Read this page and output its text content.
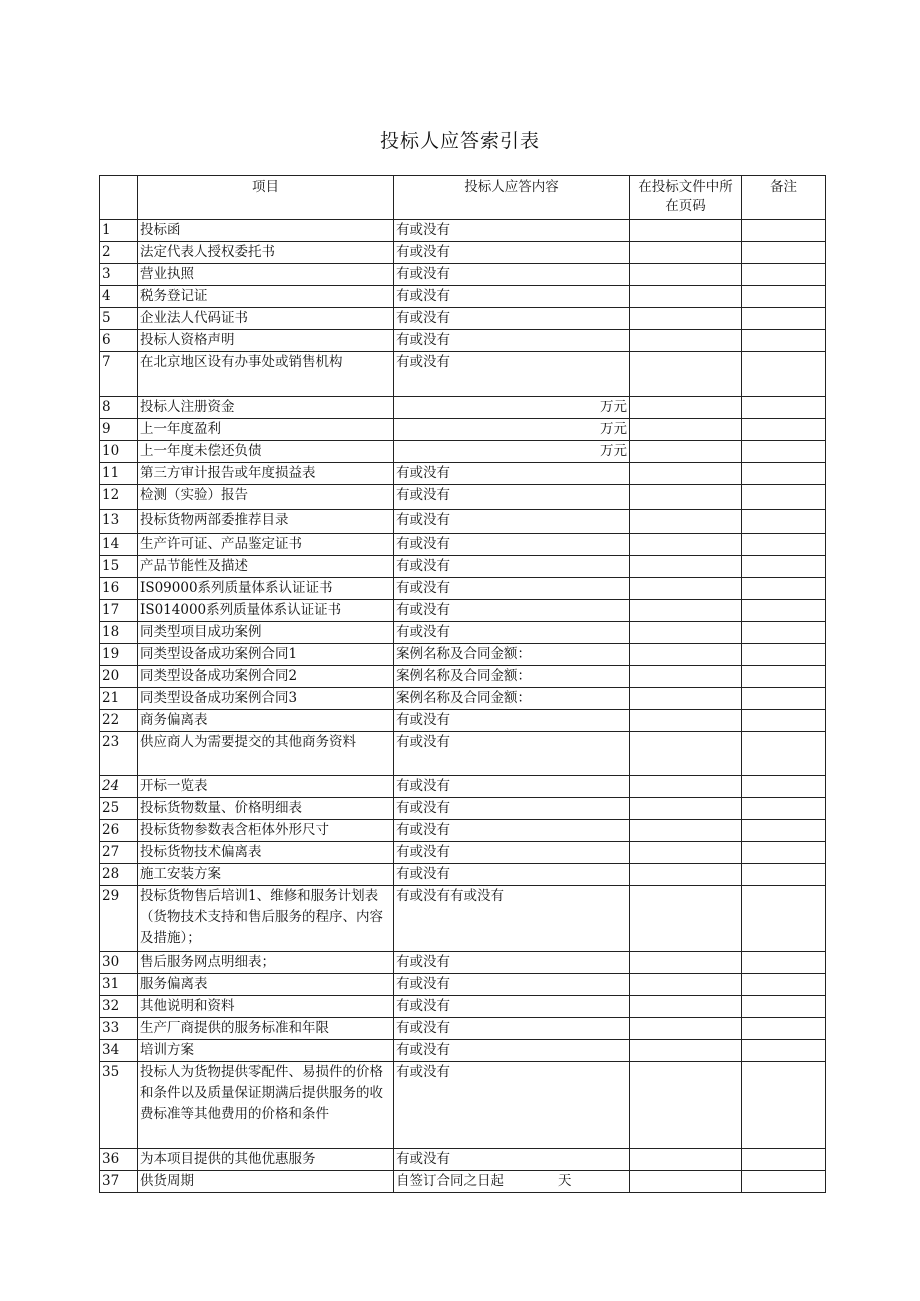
投标人应答索引表
	项目	投标人应答内容	在投标文件中所在页码	备注
1	投标函	有或没有		
2	法定代表人授权委托书	有或没有		
3	营业执照	有或没有		
4	税务登记证	有或没有		
5	企业法人代码证书	有或没有		
6	投标人资格声明	有或没有		
7	在北京地区设有办事处或销售机构	有或没有		
8	投标人注册资金	万元		
9	上一年度盈利	万元		
10	上一年度未偿还负债	万元		
11	第三方审计报告或年度损益表	有或没有		
12	检测（实验）报告	有或没有		
13	投标货物两部委推荐目录	有或没有		
14	生产许可证、产品鉴定证书	有或没有		
15	产品节能性及描述	有或没有		
16	IS09000系列质量体系认证证书	有或没有		
17	IS014000系列质量体系认证证书	有或没有		
18	同类型项目成功案例	有或没有		
19	同类型设备成功案例合同1	案例名称及合同金额：		
20	同类型设备成功案例合同2	案例名称及合同金额：		
21	同类型设备成功案例合同3	案例名称及合同金额：		
22	商务偏离表	有或没有		
23	供应商人为需要提交的其他商务资料	有或没有		
24	开标一览表	有或没有		
25	投标货物数量、价格明细表	有或没有		
26	投标货物参数表含柜体外形尺寸	有或没有		
27	投标货物技术偏离表	有或没有		
28	施工安装方案	有或没有		
29	投标货物售后培训1、维修和服务计划表（货物技术支持和售后服务的程序、内容及措施）；	有或没有有或没有		
30	售后服务网点明细表；	有或没有		
31	服务偏离表	有或没有		
32	其他说明和资料	有或没有		
33	生产厂商提供的服务标准和年限	有或没有		
34	培训方案	有或没有		
35	投标人为货物提供零配件、易损件的价格和条件以及质量保证期满后提供服务的收费标准等其他费用的价格和条件	有或没有		
36	为本项目提供的其他优惠服务	有或没有		
37	供货周期	自签订合同之日起 天		
